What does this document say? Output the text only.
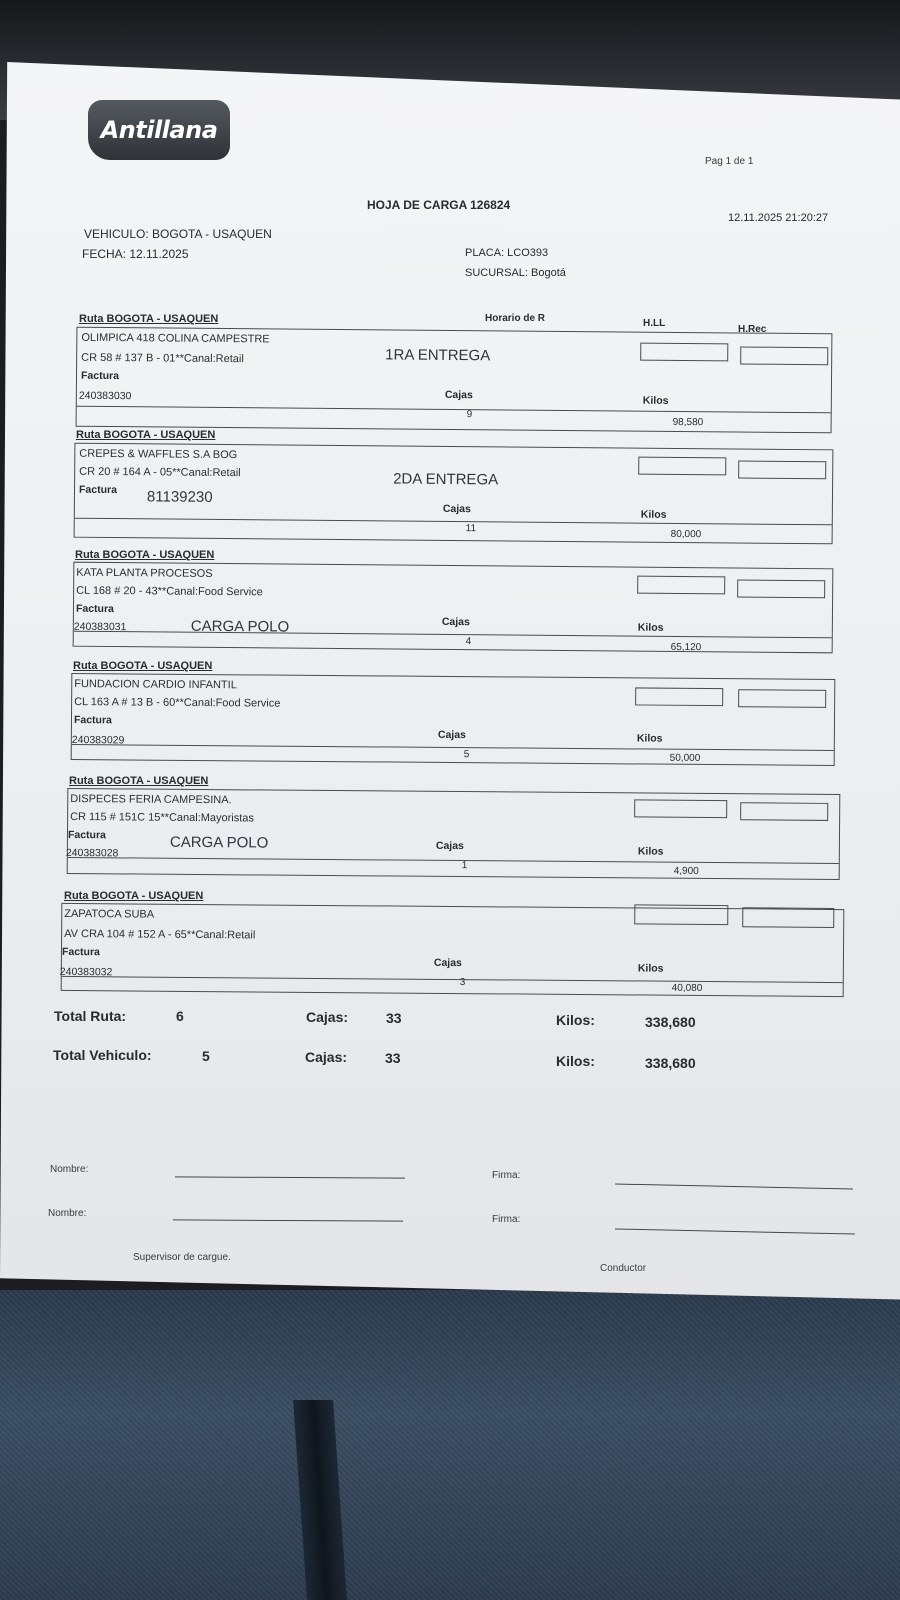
Antillana
Pag 1 de 1
HOJA DE CARGA 126824
12.11.2025 21:20:27
VEHICULO: BOGOTA - USAQUEN
FECHA: 12.11.2025	PLACA: LCO393
SUCURSAL: Bogotá
Horario de R	H.LL
H.Rec
Ruta BOGOTA - USAQUEN
OLIMPICA 418 COLINA CAMPESTRE
CR 58 # 137 B - 01**Canal:Retail
Factura
240383030
1RA ENTREGA
Cajas
9
Kilos
98,580
Ruta BOGOTA - USAQUEN
CREPES & WAFFLES S.A BOG
CR 20 # 164 A - 05**Canal:Retail
Factura 81139230
2DA ENTREGA
Cajas
11
Kilos
80,000
Ruta BOGOTA - USAQUEN
KATA PLANTA PROCESOS
CL 168 # 20 - 43**Canal:Food Service
Factura
240383031	CARGA POLO	Cajas
4
Kilos
65,120
Ruta BOGOTA - USAQUEN
FUNDACION CARDIO INFANTIL
CL 163 A # 13 B - 60**Canal:Food Service
Factura
240383029	Cajas
5
Kilos
50,000
Ruta BOGOTA - USAQUEN
DISPECES FERIA CAMPESINA.
CR 115 # 151C 15**Canal:Mayoristas
Factura
240383028
CARGA POLO	Cajas
1
Kilos
4,900
Ruta BOGOTA - USAQUEN
ZAPATOCA SUBA
AV CRA 104 # 152 A - 65**Canal:Retail
Factura
240383032
Cajas
3
Kilos
40,080
Total Ruta:	6	Cajas:	33	Kilos:	338,680
Total Vehiculo:	5	Cajas:	33	Kilos:	338,680
Nombre:
Firma:
Nombre:
Firma:
Supervisor de cargue.
Conductor
